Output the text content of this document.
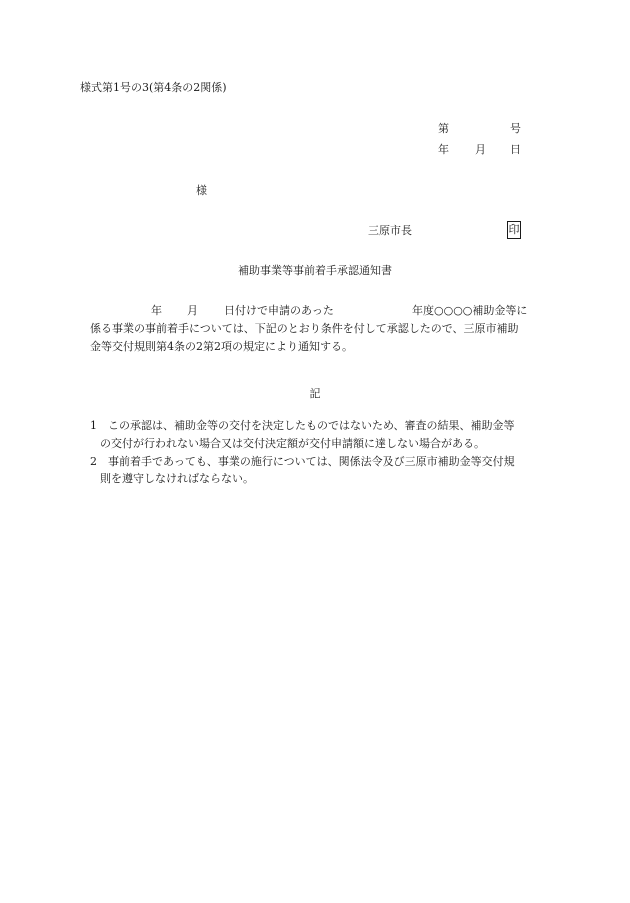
様式第1号の3(第4条の2関係)
第	号
年 月 日
様
三原市長	印
補助事業等事前着手承認通知書
年 月 日付けで申請のあった	年度○○○○補助金等に
係る事業の事前着手については、下記のとおり条件を付して承認したので、三原市補助
金等交付規則第4条の2第2項の規定により通知する。
記
1　この承認は、補助金等の交付を決定したものではないため、審査の結果、補助金等
の交付が行われない場合又は交付決定額が交付申請額に達しない場合がある。
2　事前着手であっても、事業の施行については、関係法令及び三原市補助金等交付規
則を遵守しなければならない。
